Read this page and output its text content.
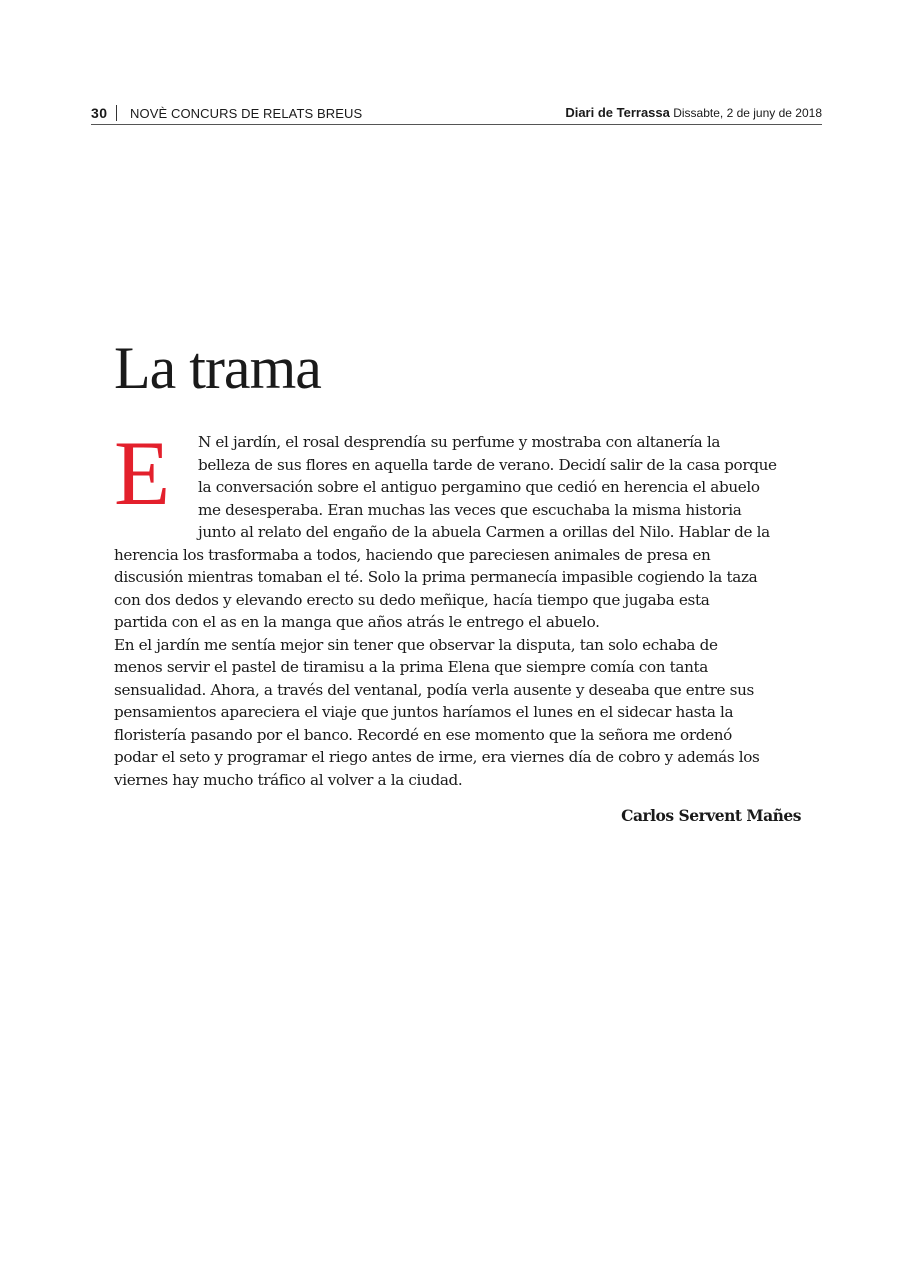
30 NOVÈ CONCURS DE RELATS BREUS	Diari de Terrassa Dissabte, 2 de juny de 2018
La trama
E	N el jardín, el rosal desprendía su perfume y mostraba con altanería la
belleza de sus flores en aquella tarde de verano. Decidí salir de la casa porque
la conversación sobre el antiguo pergamino que cedió en herencia el abuelo
me desesperaba. Eran muchas las veces que escuchaba la misma historia
junto al relato del engaño de la abuela Carmen a orillas del Nilo. Hablar de la
herencia los trasformaba a todos, haciendo que pareciesen animales de presa en
discusión mientras tomaban el té. Solo la prima permanecía impasible cogiendo la taza
con dos dedos y elevando erecto su dedo meñique, hacía tiempo que jugaba esta
partida con el as en la manga que años atrás le entrego el abuelo.
En el jardín me sentía mejor sin tener que observar la disputa, tan solo echaba de
menos servir el pastel de tiramisu a la prima Elena que siempre comía con tanta
sensualidad. Ahora, a través del ventanal, podía verla ausente y deseaba que entre sus
pensamientos apareciera el viaje que juntos haríamos el lunes en el sidecar hasta la
floristería pasando por el banco. Recordé en ese momento que la señora me ordenó
podar el seto y programar el riego antes de irme, era viernes día de cobro y además los
viernes hay mucho tráfico al volver a la ciudad.
Carlos Servent Mañes
